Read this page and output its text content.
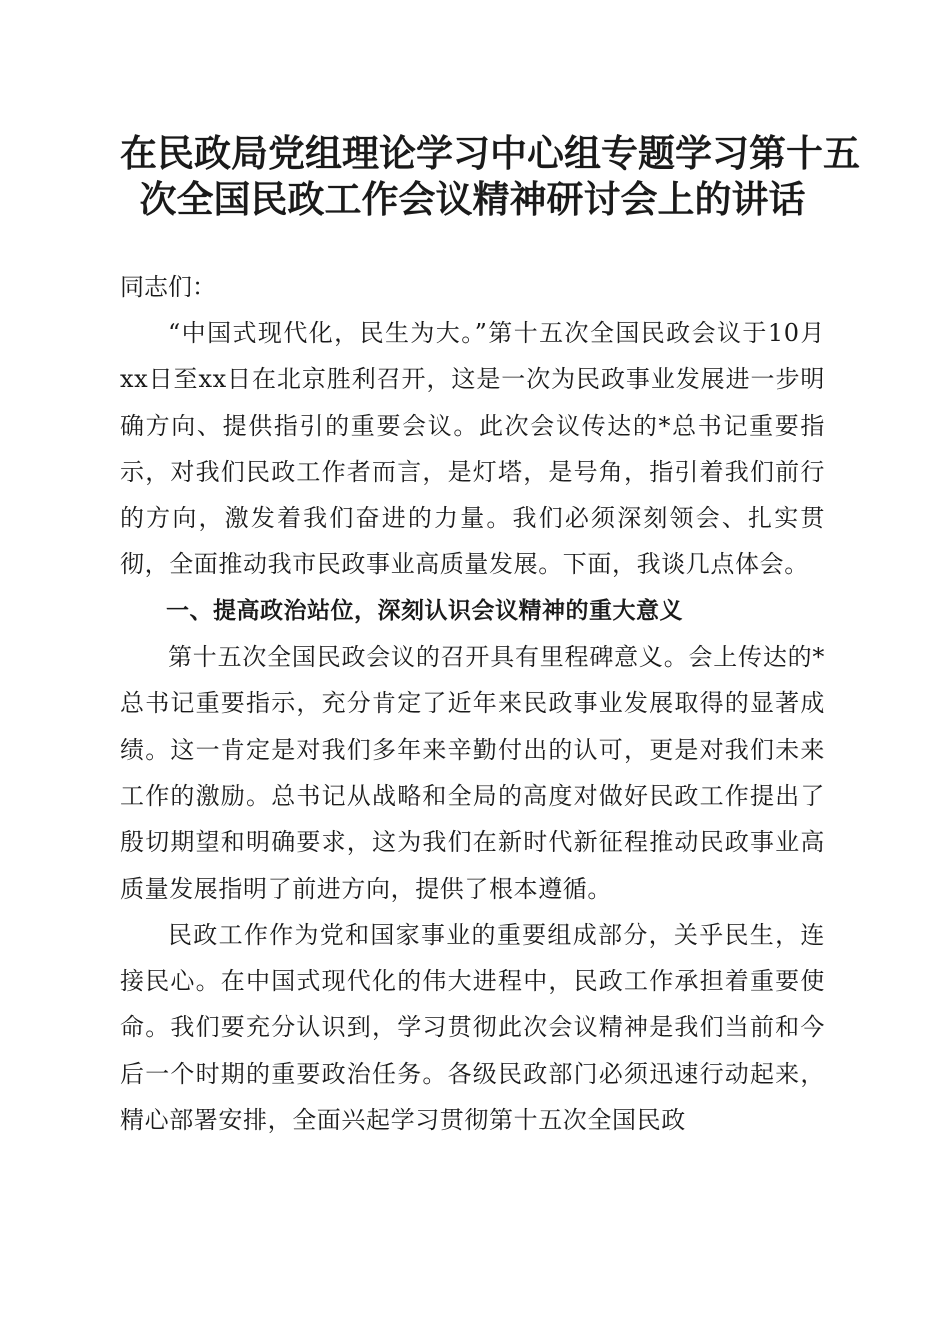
在民政局党组理论学习中心组专题学习第十五
次全国民政工作会议精神研讨会上的讲话

同志们：

“中国式现代化，民生为大。”第十五次全国民政会议于10月xx日至xx日在北京胜利召开，这是一次为民政事业发展进一步明确方向、提供指引的重要会议。此次会议传达的*总书记重要指示，对我们民政工作者而言，是灯塔，是号角，指引着我们前行的方向，激发着我们奋进的力量。我们必须深刻领会、扎实贯彻，全面推动我市民政事业高质量发展。下面，我谈几点体会。

一、提高政治站位，深刻认识会议精神的重大意义

第十五次全国民政会议的召开具有里程碑意义。会上传达的*总书记重要指示，充分肯定了近年来民政事业发展取得的显著成绩。这一肯定是对我们多年来辛勤付出的认可，更是对我们未来工作的激励。总书记从战略和全局的高度对做好民政工作提出了殷切期望和明确要求，这为我们在新时代新征程推动民政事业高质量发展指明了前进方向，提供了根本遵循。

民政工作作为党和国家事业的重要组成部分，关乎民生，连接民心。在中国式现代化的伟大进程中，民政工作承担着重要使命。我们要充分认识到，学习贯彻此次会议精神是我们当前和今后一个时期的重要政治任务。各级民政部门必须迅速行动起来，精心部署安排，全面兴起学习贯彻第十五次全国民政
